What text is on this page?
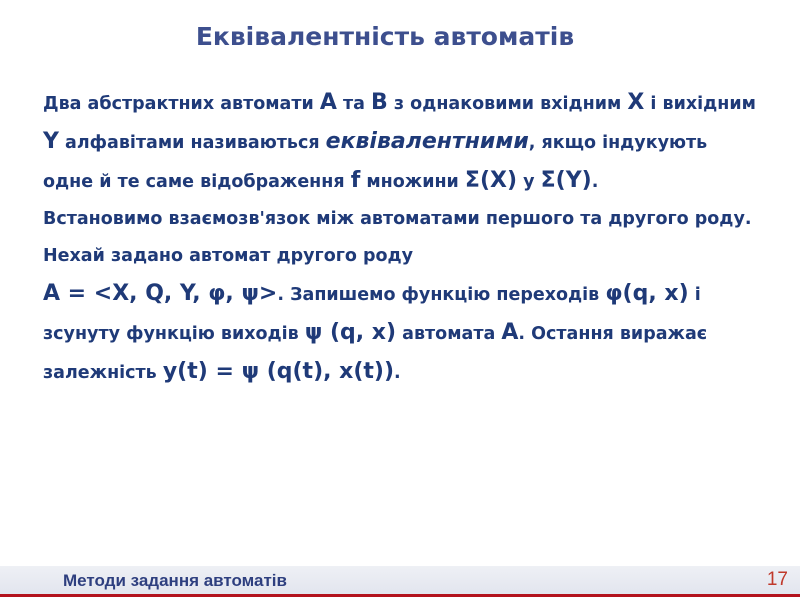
Еквівалентність автоматів

Два абстрактних автомати A та B з однаковими вхідним X і вихідним Y алфавітами називаються еквівалентними, якщо індукують одне й те саме відображення f множини Σ(X) у Σ(Y).

Встановимо взаємозв'язок між автоматами першого та другого роду. Нехай задано автомат другого роду
A = <X, Q, Y, φ, ψ>. Запишемо функцію переходів φ(q, x) і зсунуту функцію виходів ψ (q, x) автомата A. Остання виражає залежність y(t) = ψ (q(t), x(t)).

Методи задання автоматів	17
